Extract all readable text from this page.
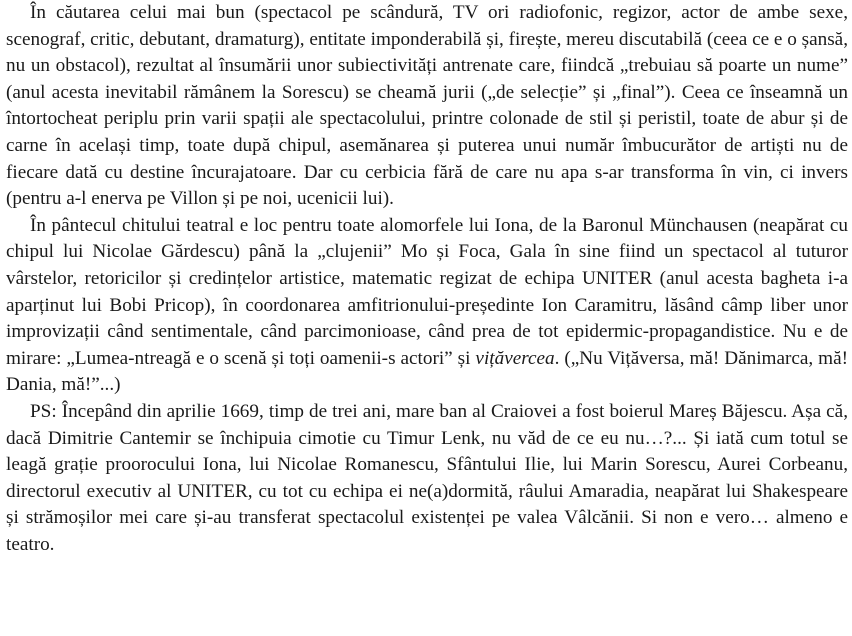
În căutarea celui mai bun (spectacol pe scândură, TV ori radiofonic, regizor, actor de ambe sexe, scenograf, critic, debutant, dramaturg), entitate imponderabilă și, firește, mereu discutabilă (ceea ce e o șansă, nu un obstacol), rezultat al însumării unor subiectivități antrenate care, fiindcă „trebuiau să poarte un nume” (anul acesta inevitabil rămânem la Sorescu) se cheamă jurii („de selecție” și „final”). Ceea ce înseamnă un întortocheat periplu prin varii spații ale spectacolului, printre colonade de stil și peristil, toate de abur și de carne în același timp, toate după chipul, asemănarea și puterea unui număr îmbucurător de artiști nu de fiecare dată cu destine încurajatoare. Dar cu cerbicia fără de care nu apa s-ar transforma în vin, ci invers (pentru a-l enerva pe Villon și pe noi, ucenicii lui).

În pântecul chitului teatral e loc pentru toate alomorfele lui Iona, de la Baronul Münchausen (neapărat cu chipul lui Nicolae Gărdescu) până la „clujenii” Mo și Foca, Gala în sine fiind un spectacol al tuturor vârstelor, retoricilor și credințelor artistice, matematic regizat de echipa UNITER (anul acesta bagheta i-a aparținut lui Bobi Pricop), în coordonarea amfitrionului-președinte Ion Caramitru, lăsând câmp liber unor improvizații când sentimentale, când parcimonioase, când prea de tot epidermic-propagandistice. Nu e de mirare: „Lumea-ntreagă e o scenă și toți oamenii-s actori” și vițăvercea. („Nu Vițăversa, mă! Dănimarca, mă! Dania, mă!”...)

PS: Începând din aprilie 1669, timp de trei ani, mare ban al Craiovei a fost boierul Mareș Băjescu. Așa că, dacă Dimitrie Cantemir se închipuia cimotie cu Timur Lenk, nu văd de ce eu nu…?... Și iată cum totul se leagă grație proorocului Iona, lui Nicolae Romanescu, Sfântului Ilie, lui Marin Sorescu, Aurei Corbeanu, directorul executiv al UNITER, cu tot cu echipa ei ne(a)dormită, râului Amaradia, neapărat lui Shakespeare și strămoșilor mei care și-au transferat spectacolul existenței pe valea Vâlcănii. Si non e vero… almeno e teatro.
